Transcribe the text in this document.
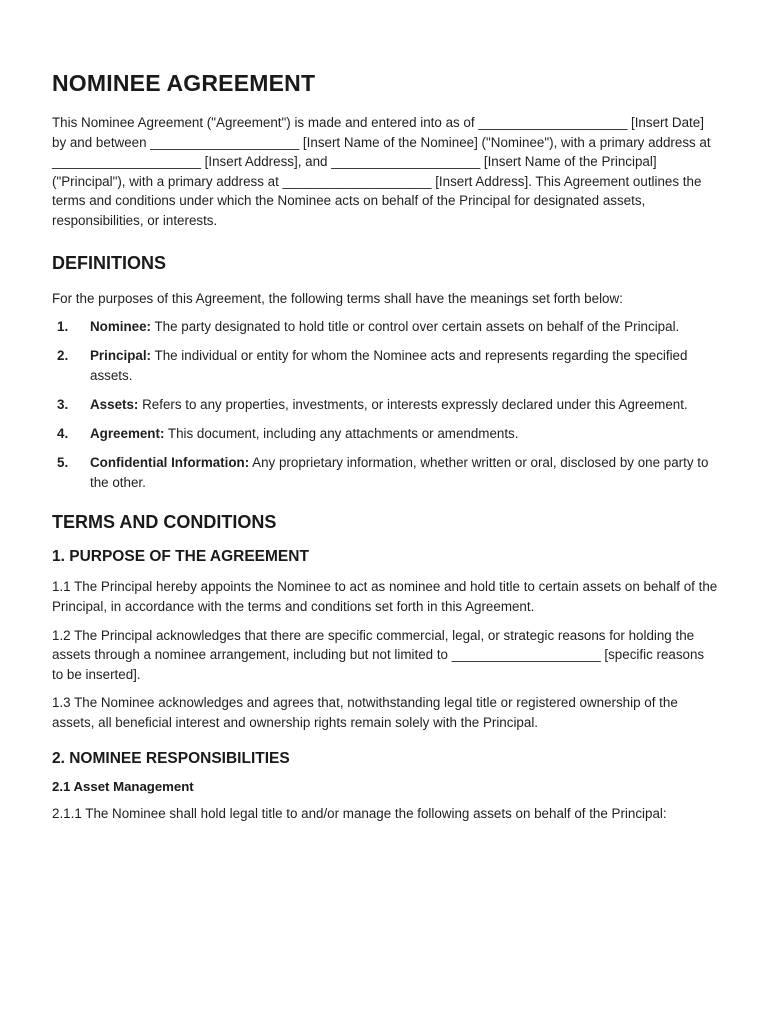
NOMINEE AGREEMENT

This Nominee Agreement ("Agreement") is made and entered into as of ____________________ [Insert Date] by and between ____________________ [Insert Name of the Nominee] ("Nominee"), with a primary address at ____________________ [Insert Address], and ____________________ [Insert Name of the Principal] ("Principal"), with a primary address at ____________________ [Insert Address]. This Agreement outlines the terms and conditions under which the Nominee acts on behalf of the Principal for designated assets, responsibilities, or interests.

DEFINITIONS

For the purposes of this Agreement, the following terms shall have the meanings set forth below:

1.	Nominee: The party designated to hold title or control over certain assets on behalf of the Principal.
2.	Principal: The individual or entity for whom the Nominee acts and represents regarding the specified assets.
3.	Assets: Refers to any properties, investments, or interests expressly declared under this Agreement.
4.	Agreement: This document, including any attachments or amendments.
5.	Confidential Information: Any proprietary information, whether written or oral, disclosed by one party to the other.
TERMS AND CONDITIONS
1. PURPOSE OF THE AGREEMENT

1.1 The Principal hereby appoints the Nominee to act as nominee and hold title to certain assets on behalf of the Principal, in accordance with the terms and conditions set forth in this Agreement.

1.2 The Principal acknowledges that there are specific commercial, legal, or strategic reasons for holding the assets through a nominee arrangement, including but not limited to ____________________ [specific reasons to be inserted].

1.3 The Nominee acknowledges and agrees that, notwithstanding legal title or registered ownership of the assets, all beneficial interest and ownership rights remain solely with the Principal.

2. NOMINEE RESPONSIBILITIES
2.1 Asset Management

2.1.1 The Nominee shall hold legal title to and/or manage the following assets on behalf of the Principal:
